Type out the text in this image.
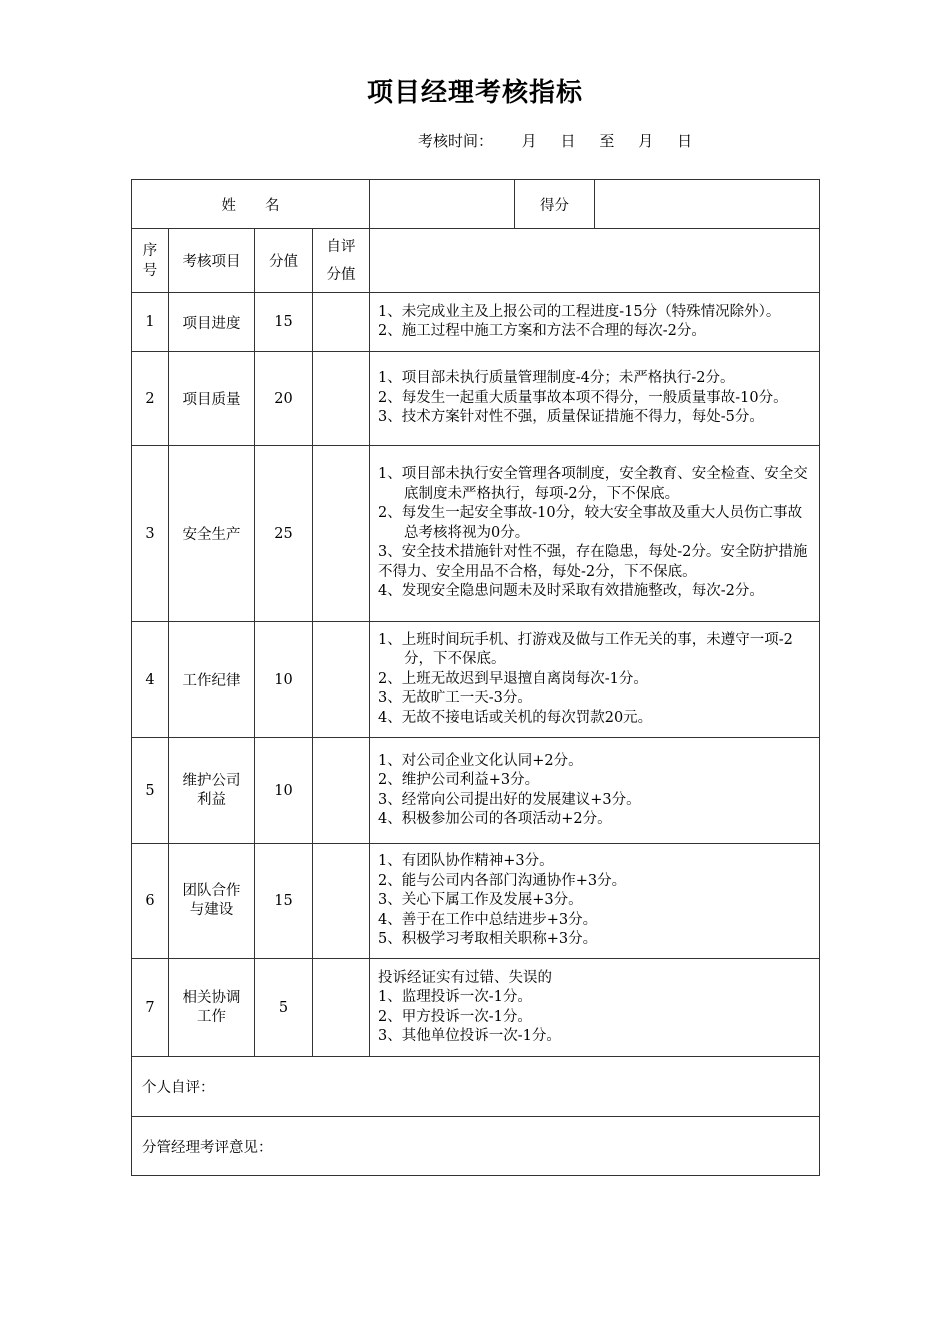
项目经理考核指标
考核时间： 月 日 至 月 日
姓　　名					得分	
序号	考核项目	分值	自评
分值			

1	项目进度	15		1、未完成业主及上报公司的工程进度-15分（特殊情况除外）。
2、施工过程中施工方案和方法不合理的每次-2分。		

2	项目质量	20		1、项目部未执行质量管理制度-4分；未严格执行-2分。
2、每发生一起重大质量事故本项不得分，一般质量事故-10分。
3、技术方案针对性不强，质量保证措施不得力，每处-5分。		

3	安全生产	25		1、项目部未执行安全管理各项制度，安全教育、安全检查、安全交底制度未严格执行，每项-2分，下不保底。
2、每发生一起安全事故-10分，较大安全事故及重大人员伤亡事故总考核将视为0分。
3、安全技术措施针对性不强，存在隐患，每处-2分。安全防护措施不得力、安全用品不合格，每处-2分，下不保底。
4、发现安全隐患问题未及时采取有效措施整改，每次-2分。		

4	工作纪律	10		1、上班时间玩手机、打游戏及做与工作无关的事，未遵守一项-2分，下不保底。
2、上班无故迟到早退擅自离岗每次-1分。
3、无故旷工一天-3分。
4、无故不接电话或关机的每次罚款20元。		

5	维护公司利益	10		1、对公司企业文化认同+2分。
2、维护公司利益+3分。
3、经常向公司提出好的发展建议+3分。
4、积极参加公司的各项活动+2分。		

6	团队合作与建设	15		1、有团队协作精神+3分。
2、能与公司内各部门沟通协作+3分。
3、关心下属工作及发展+3分。
4、善于在工作中总结进步+3分。
5、积极学习考取相关职称+3分。		

7	相关协调工作	5		投诉经证实有过错、失误的
1、监理投诉一次-1分。
2、甲方投诉一次-1分。
3、其他单位投诉一次-1分。		

个人自评：						
分管经理考评意见：						
